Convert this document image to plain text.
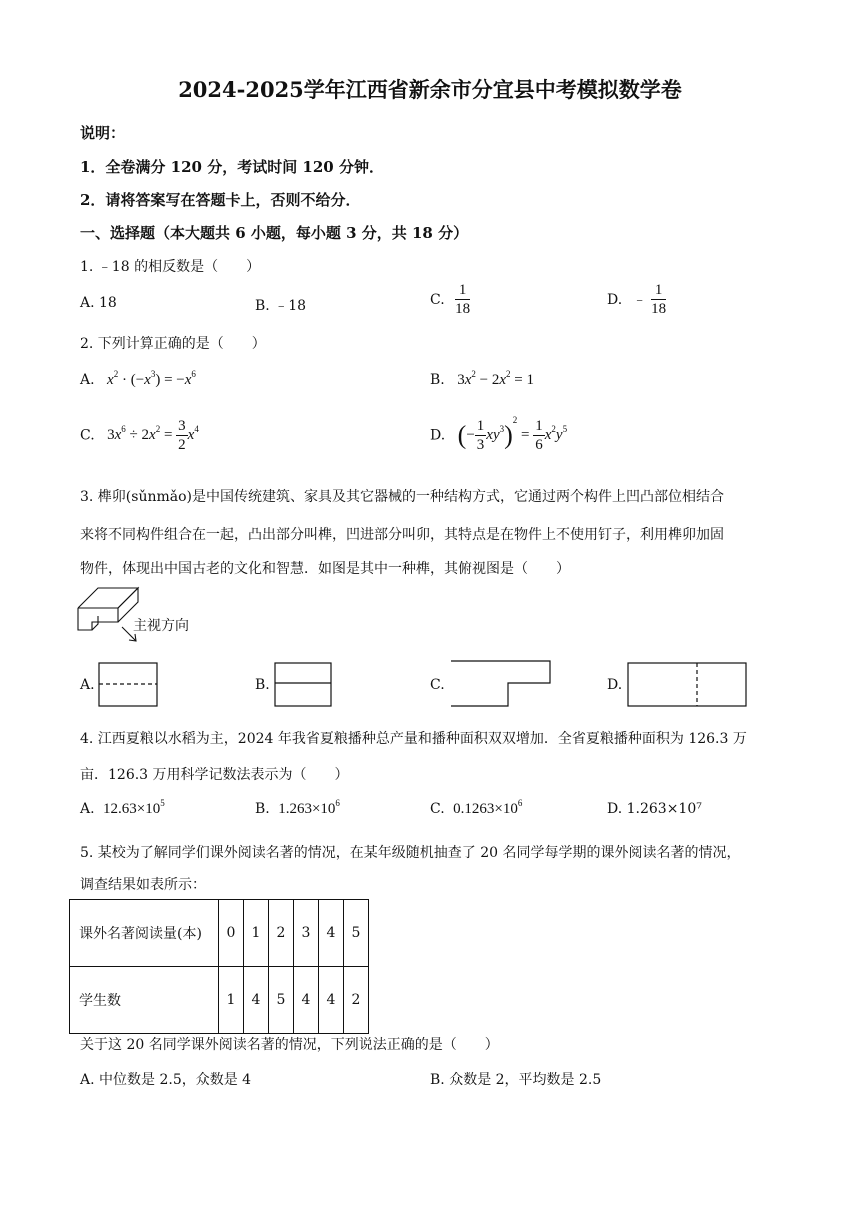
2024-2025学年江西省新余市分宜县中考模拟数学卷
说明：
1．全卷满分 120 分，考试时间 120 分钟．
2．请将答案写在答题卡上，否则不给分．
一、选择题（本大题共 6 小题，每小题 3 分，共 18 分）
1. ﹣18 的相反数是（　　）
A. 18	B. ﹣18	C. $\frac{1}{18}$	D. ﹣ $\frac{1}{18}$
2. 下列计算正确的是（　　）
A. $x^2 \cdot (-x^3) = -x^6$	B. $3x^2 - 2x^2 = 1$
C. $3x^6 \div 2x^2 = \frac{3}{2} x^4$	D. (− $\frac{1}{3} xy^3)^2 = \frac{1}{6} x^2y^5$
3. 榫卯(sǔnmǎo)是中国传统建筑、家具及其它器械的一种结构方式，它通过两个构件上凹凸部位相结合
来将不同构件组合在一起，凸出部分叫榫，凹进部分叫卯，其特点是在物件上不使用钉子，利用榫卯加固
物件，体现出中国古老的文化和智慧．如图是其中一种榫，其俯视图是（　　）
主视方向
A.	B.	C.	D.
4. 江西夏粮以水稻为主，2024 年我省夏粮播种总产量和播种面积双双增加．全省夏粮播种面积为 126.3 万
亩．126.3 万用科学记数法表示为（　　）
A. $12.63\times 10^5$	B. $1.263\times 10^6$	C. $0.1263\times 10^6$	D. 1.263×10⁷
5. 某校为了解同学们课外阅读名著的情况，在某年级随机抽查了 20 名同学每学期的课外阅读名著的情况，
调查结果如表所示：
课外名著阅读量(本)	0	1	2	3	4	5
学生数	1	4	5	4	4	2
关于这 20 名同学课外阅读名著的情况，下列说法正确的是（　　）
A. 中位数是 2.5，众数是 4	B. 众数是 2，平均数是 2.5
